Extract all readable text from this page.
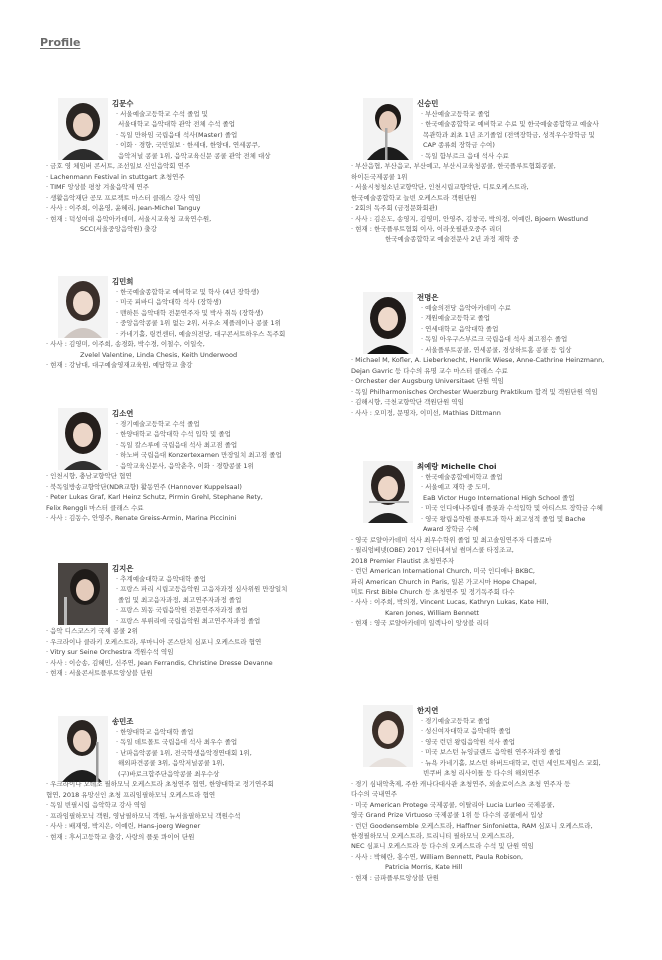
Profile
김문수
· 서울예술고등학교 수석 졸업 및
서울대학교 음악대학 관악 전체 수석 졸업
· 독일 만하임 국립음대 석사(Master) 졸업
· 이화 · 경향, 국민일보 · 한세대, 한양대, 연세콩쿠,
음악저널 콩쿨 1위, 음악교육신문 콩쿨 관악 전체 대상
· 금호 영 체임버 콘서트, 조선일보 신인음악회 연주
· Lachenmann Festival in stuttgart 초청연주
· TIMF 앙상블 평창 겨울음악제 연주
· 생활음악재단 공모 프로젝트 마스터 클래스 강사 역임
· 사사 : 이주희, 이윤영, 윤혜리, Jean-Michel Tanguy
· 현재 : 덕성여대 음악아카데미, 서울시교육청 교육연수원,
SCC(서울중앙음악원) 출강
김민희
· 한국예술종합학교 예비학교 및 학사 (4년 장학생)
· 미국 피바디 음악대학 석사 (장학생)
· 맨하튼 음악대학 전문연주자 및 박사 취득 (장학생)
· 중앙음악콩쿨 1위 없는 2위, 서우소 제플레이나 콩쿨 1위
· 카네기홀, 링컨센터, 예술의전당, 대구콘서트하우스 독주회
· 사사 : 김영미, 이주희, 송경화, 박수경, 이철수, 이일숙,
Zvelel Valentine, Linda Chesis, Keith Underwood
· 현재 : 강남대, 대구예술영재교육원, 예담학교 출강
김소연
· 경기예술고등학교 수석 졸업
· 한양대학교 음악대학 수석 입학 및 졸업
· 독일 칼스루에 국립음대 석사 최고점 졸업
· 하노버 국립음대 Konzertexamen 만장일치 최고점 졸업
· 음악교육신문사, 음악춘추, 이화 · 경향콩쿨 1위
· 인천시향, 충남교향악단 협연
· 북독일방송교향악단(NDR교향) 활동연주 (Hannover Kuppelsaal)
· Peter Lukas Graf, Karl Heinz Schutz, Pirmin Grehl, Stephane Rety,
Felix Renggli 마스터 클래스 수료
· 사사 : 김동수, 안영주, Renate Greiss-Armin, Marina Piccinini
김지은
· 추계예술대학교 음악대학 졸업
· 프랑스 파리 시립고등음악원 고음자과정 심사위원 만장일치
졸업 및 최고음자과정, 최고연주자과정 졸업
· 프랑스 뫼동 국립음악원 전문연주자과정 졸업
· 프랑스 루뤼리에 국립음악원 최고연주자과정 졸업
· 음악 디스코스키 국제 콩쿨 2위
· 우크라이나 클라키 오케스트라, 루마니아 콘스탄치 심포니 오케스트라 협연
· Vitry sur Seine Orchestra 객원수석 역임
· 사사 : 이승송, 김혜민, 신주연, Jean Ferrandis, Christine Dresse Devanne
· 현재 : 서울콘서트플루트앙상블 단원
송민조
· 한양대학교 음악대학 졸업
· 독일 데트몰트 국립음대 석사 최우수 졸업
· 난파음악콩쿨 1위, 전국학생음악경연대회 1위,
해외파견콩쿨 3위, 음악저널콩쿨 1위,
(구)바로크합주단음악콩쿨 최우수상
· 우크라이나 오데소 필하모닉 오케스트라 초청연주 협연, 한양대학교 정기연주회
협연, 2018 유망신인 초청 프리임필하모닉 오케스트라 협연
· 독일 빈필시립 음악학교 강사 역임
· 프라임필하모닉 객원, 영남필하모닉 객원, 뉴서울필하모닉 객원수석
· 사사 : 배재영, 박지은, 이예린, Hans-joerg Wegner
· 현재 : 후서고등학교 출강, 사랑의 플룻 콰이어 단원
신승민
· 부산예술고등학교 졸업
· 한국예술종합학교 예비학교 수료 및 한국예술종합학교 예술사
목관학과 최초 1년 조기졸업 (전액장학금, 성적우수장학금 및
CAP 종류희 장학금 수여)
· 독일 함부르크 음대 석사 수료
· 부산음협, 부산음교, 부산예고, 부산시교육청콩쿨, 한국플루트협회콩쿨,
하이든국제콩쿨 1위
· 서울시청청소년교향악단, 인천시립교향악단, 디토오케스트라,
한국예술종합학교 늘빈 오케스트라 객원단원
· 2회의 독주회 (금정문화회관)
· 사사 : 김은도, 송영지, 김영미, 안영주, 김창국, 박의경, 이예린, Bjoern Westlund
· 현재 : 한국플루트협회 이사, 이라웃필관오중주 리더
한국예술종합학교 예술전문사 2년 과정 재학 중
전명은
· 예술의전당 음악아카데미 수료
· 계원예술고등학교 졸업
· 연세대학교 음악대학 졸업
· 독일 아우구스부르크 국립음대 석사 최고점수 졸업
· 서울플루트콩쿨, 연세콩쿨, 경상하트홈 콩쿨 등 입상
· Michael M, Kofler, A. Lieberknecht, Henrik Wiese, Anne-Cathrine Heinzmann,
Dejan Gavric 등 다수의 유명 교수 마스터 클래스 수료
· Orchester der Augsburg Universitaet 단원 역임
· 독일 Philharmonisches Orchester Wuerzburg Praktikum 합격 및 객원단원 역임
· 김해시향, 극천교향악단 객원단원 역임
· 사사 : 오미정, 문명자, 이미선, Mathias Dittmann
최예랑 Michelle Choi
· 한국예술종합예비학교 졸업
· 서울예고 재학 중 도미,
EaB Victor Hugo International High School 졸업
· 미국 인디애나주립대 플룻과 수석입학 및 아티스트 장학금 수혜
· 영국 왕립음악원 플루트과 학사 최고성적 졸업 및 Bache
Award 장학금 수혜
· 영국 로얄아카데미 석사 최우수학위 졸업 및 최고솔임연주자 디플로마
· 윌리엄베넷(OBE) 2017 인터내셔널 썸머스쿨 타징조교,
2018 Premier Flautist 초청연주자
· 런던 American International Church, 미국 인디애나 BKBC,
파리 American Church in Paris, 일본 가고시마 Hope Chapel,
미토 First Bible Church 등 초청연주 및 정기독주회 다수
· 사사 : 이주희, 박의경, Vincent Lucas, Kathryn Lukas, Kate Hill,
Karen Jones, William Bennett
· 현재 : 영국 로얄아카데미 일렉나이 앙상블 리더
한지연
· 경기예술고등학교 졸업
· 성신여자대학교 음악대학 졸업
· 영국 런던 왕립음악원 석사 졸업
· 미국 보스턴 뉴잉글랜드 음악원 연주자과정 졸업
· 뉴욕 카네기홀, 보스턴 하버드대학교, 런던 세인트제임스 교회,
빈쿠버 초청 리사이틀 등 다수의 해외연주
· 경기 심내악축제, 주한 캐나다대사관 초청연주, 외솔로이스츠 초청 연주자 등
다수의 국내연주
· 미국 American Protege 국제콩쿨, 이탈리아 Lucia Lurleo 국제콩쿨,
영국 Grand Prize Virtuoso 국제콩쿨 1위 등 다수의 콩쿨에서 입상
· 런던 Goodensemble 오케스트라, Haffner Sinfonietta, RAM 심포니 오케스트라,
한경필하모닉 오케스트라, 트리니티 필하모닉 오케스트라,
NEC 심포니 오케스트라 등 다수의 오케스트라 수석 및 단원 역임
· 사사 : 박혜란, 홍수연, William Bennett, Paula Robison,
Patricia Morris, Kate Hill
· 현재 : 금파플루트앙상블 단원
